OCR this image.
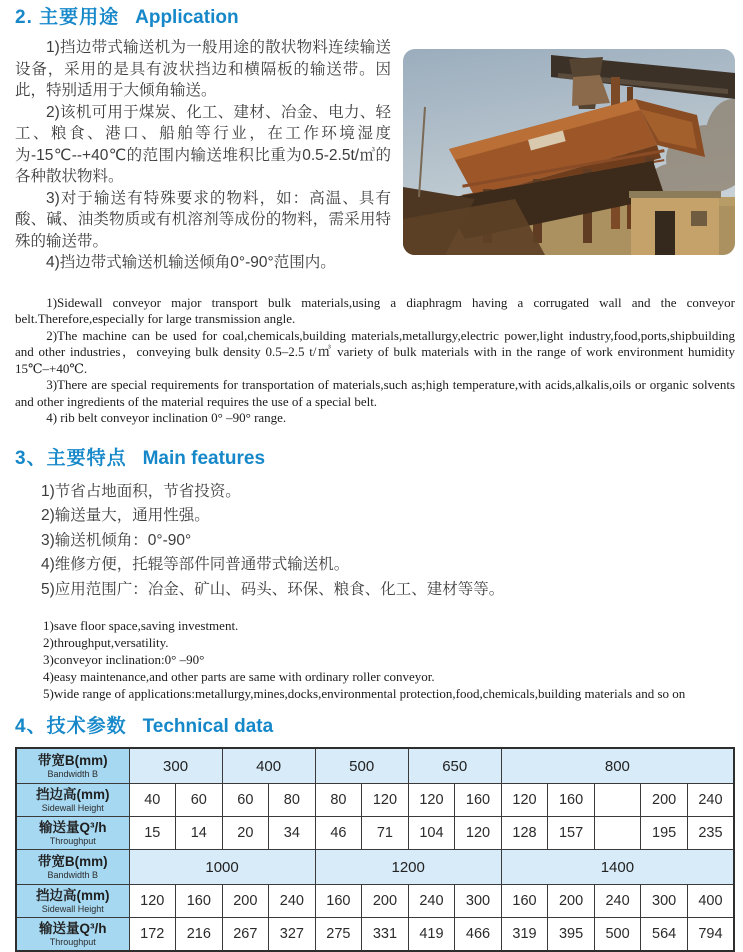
2. 主要用途 Application

1)挡边带式输送机为一般用途的散状物料连续输送设备，采用的是具有波状挡边和横隔板的输送带。因此，特别适用于大倾角输送。

2)该机可用于煤炭、化工、建材、冶金、电力、轻工、粮食、港口、船舶等行业，在工作环境湿度为-15℃--+40℃的范围内输送堆积比重为0.5-2.5t/㎥的各种散状物料。

3)对于输送有特殊要求的物料，如：高温、具有酸、碱、油类物质或有机溶剂等成份的物料，需采用特殊的输送带。

4)挡边带式输送机输送倾角0°-90°范围内。

1)Sidewall conveyor major transport bulk materials,using a diaphragm having a corrugated wall and the conveyor belt.Therefore,especially for large transmission angle.

2)The machine can be used for coal,chemicals,building materials,metallurgy,electric power,light industry,food,ports,shipbuilding and other industries，conveying bulk density 0.5–2.5 t/㎥ variety of bulk materials with in the range of work environment humidity 15℃–+40℃.

3)There are special requirements for transportation of materials,such as;high temperature,with acids,alkalis,oils or organic solvents and other ingredients of the material requires the use of a special belt.

4) rib belt conveyor inclination 0° –90° range.

3、主要特点 Main features
1)节省占地面积，节省投资。
2)输送量大，通用性强。
3)输送机倾角：0°-90°
4)维修方便，托辊等部件同普通带式输送机。
5)应用范围广：冶金、矿山、码头、环保、粮食、化工、建材等等。
1)save floor space,saving investment.
2)throughput,versatility.
3)conveyor inclination:0° –90°
4)easy maintenance,and other parts are same with ordinary roller conveyor.
5)wide range of applications:metallurgy,mines,docks,environmental protection,food,chemicals,building materials and so on
4、技术参数 Technical data
带宽B(mm)
Bandwidth B	300		400		500		650		800				

挡边高(mm)
Sidewall Height	40	60	60	80	80	120	120	160	120	160		200	240

输送量Q³/h
Throughput	15	14	20	34	46	71	104	120	128	157		195	235

带宽B(mm)
Bandwidth B	1000				1200				1400				

挡边高(mm)
Sidewall Height	120	160	200	240	160	200	240	300	160	200	240	300	400

输送量Q³/h
Throughput	172	216	267	327	275	331	419	466	319	395	500	564	794
